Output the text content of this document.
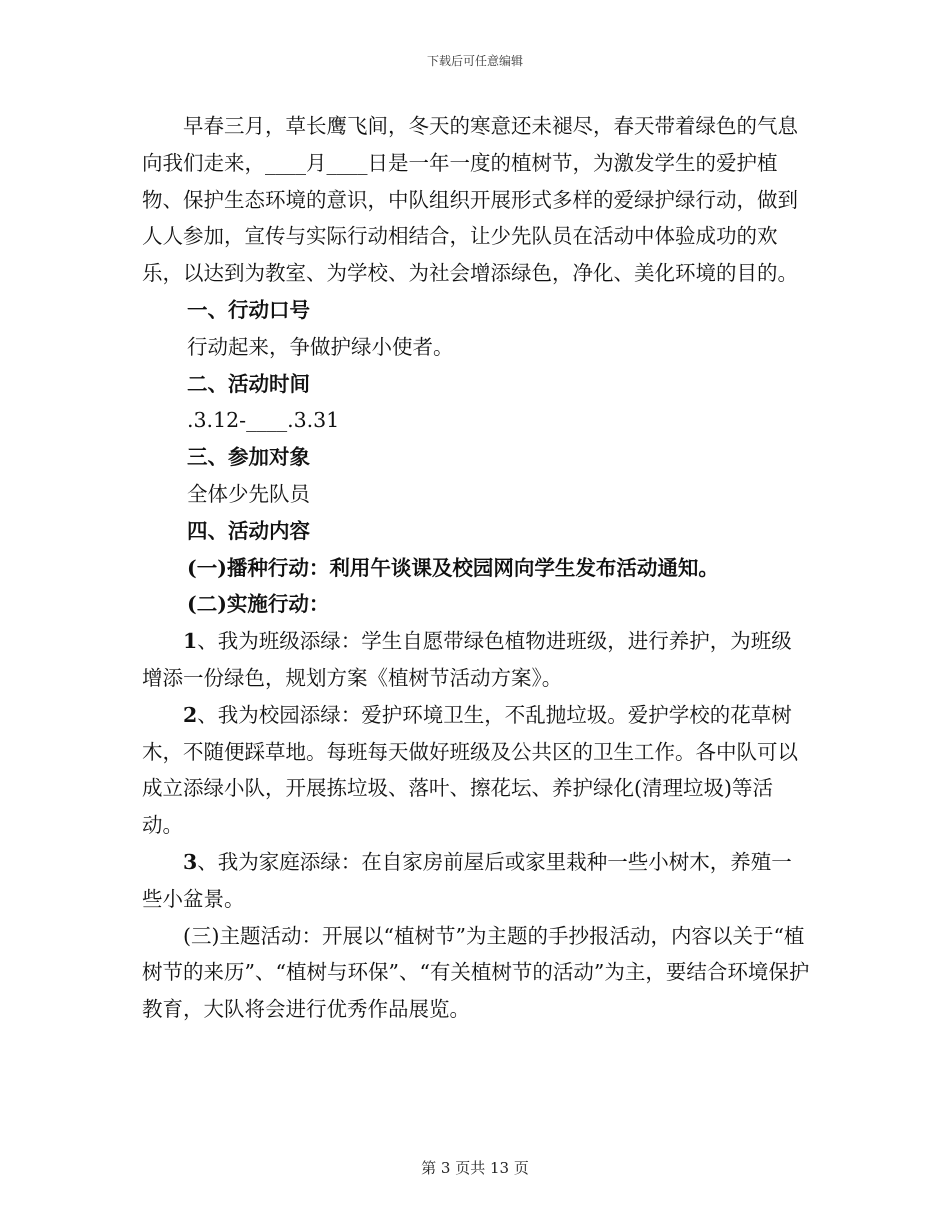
下载后可任意编辑

早春三月，草长鹰飞间，冬天的寒意还未褪尽，春天带着绿色的气息向我们走来，____月____日是一年一度的植树节，为激发学生的爱护植物、保护生态环境的意识，中队组织开展形式多样的爱绿护绿行动，做到人人参加，宣传与实际行动相结合，让少先队员在活动中体验成功的欢乐，以达到为教室、为学校、为社会增添绿色，净化、美化环境的目的。

一、行动口号

行动起来，争做护绿小使者。

二、活动时间

.3.12-____.3.31

三、参加对象

全体少先队员

四、活动内容

(一)播种行动：利用午谈课及校园网向学生发布活动通知。

(二)实施行动：

1、我为班级添绿：学生自愿带绿色植物进班级，进行养护，为班级增添一份绿色，规划方案《植树节活动方案》。

2、我为校园添绿：爱护环境卫生，不乱抛垃圾。爱护学校的花草树木，不随便踩草地。每班每天做好班级及公共区的卫生工作。各中队可以成立添绿小队，开展拣垃圾、落叶、擦花坛、养护绿化(清理垃圾)等活动。

3、我为家庭添绿：在自家房前屋后或家里栽种一些小树木，养殖一些小盆景。

(三)主题活动：开展以“植树节”为主题的手抄报活动，内容以关于“植树节的来历”、“植树与环保”、“有关植树节的活动”为主，要结合环境保护教育，大队将会进行优秀作品展览。

第 3 页共 13 页
